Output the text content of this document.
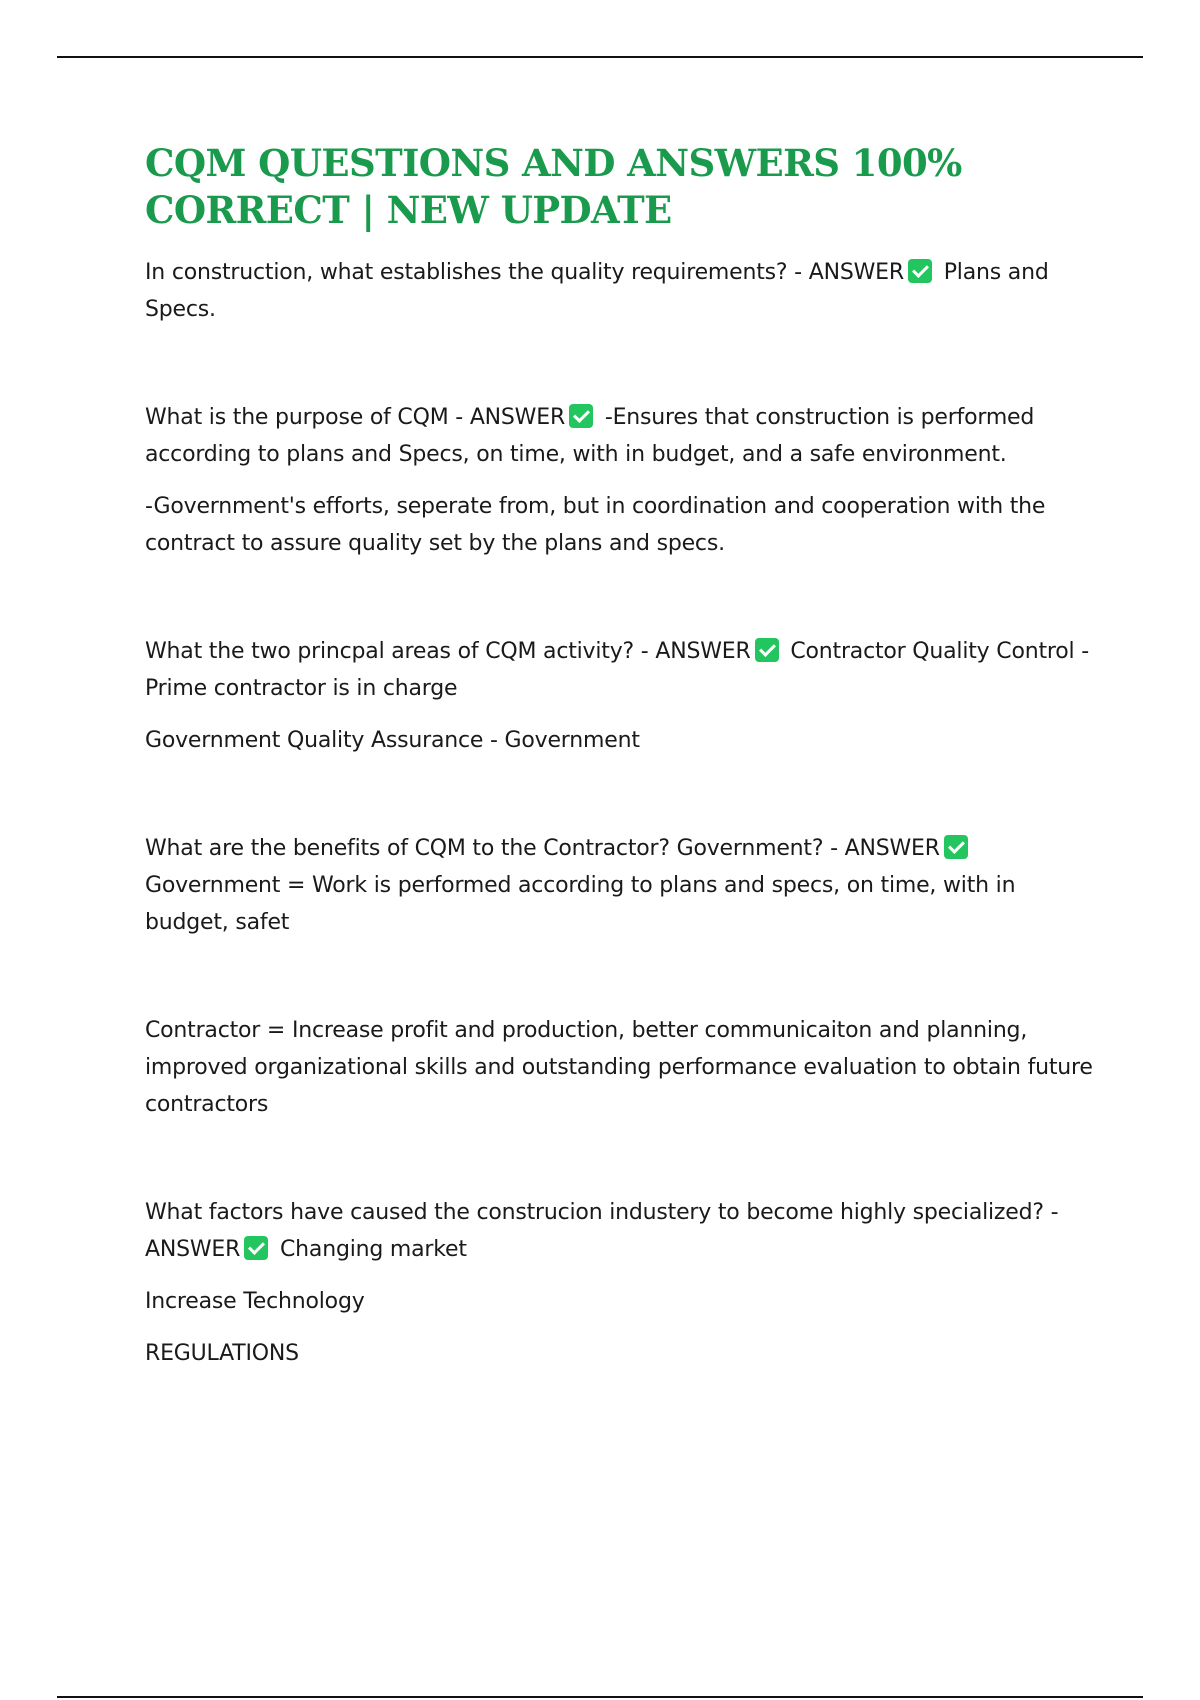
CQM QUESTIONS AND ANSWERS 100%
CORRECT | NEW UPDATE

In construction, what establishes the quality requirements? - ANSWER Plans and Specs.

What is the purpose of CQM - ANSWER -Ensures that construction is performed according to plans and Specs, on time, with in budget, and a safe environment.

-Government's efforts, seperate from, but in coordination and cooperation with the contract to assure quality set by the plans and specs.

What the two princpal areas of CQM activity? - ANSWER Contractor Quality Control - Prime contractor is in charge

Government Quality Assurance - Government

What are the benefits of CQM to the Contractor? Government? - ANSWER Government = Work is performed according to plans and specs, on time, with in budget, safet

Contractor = Increase profit and production, better communicaiton and planning, improved organizational skills and outstanding performance evaluation to obtain future contractors

What factors have caused the construcion industery to become highly specialized? - ANSWER Changing market

Increase Technology

REGULATIONS
